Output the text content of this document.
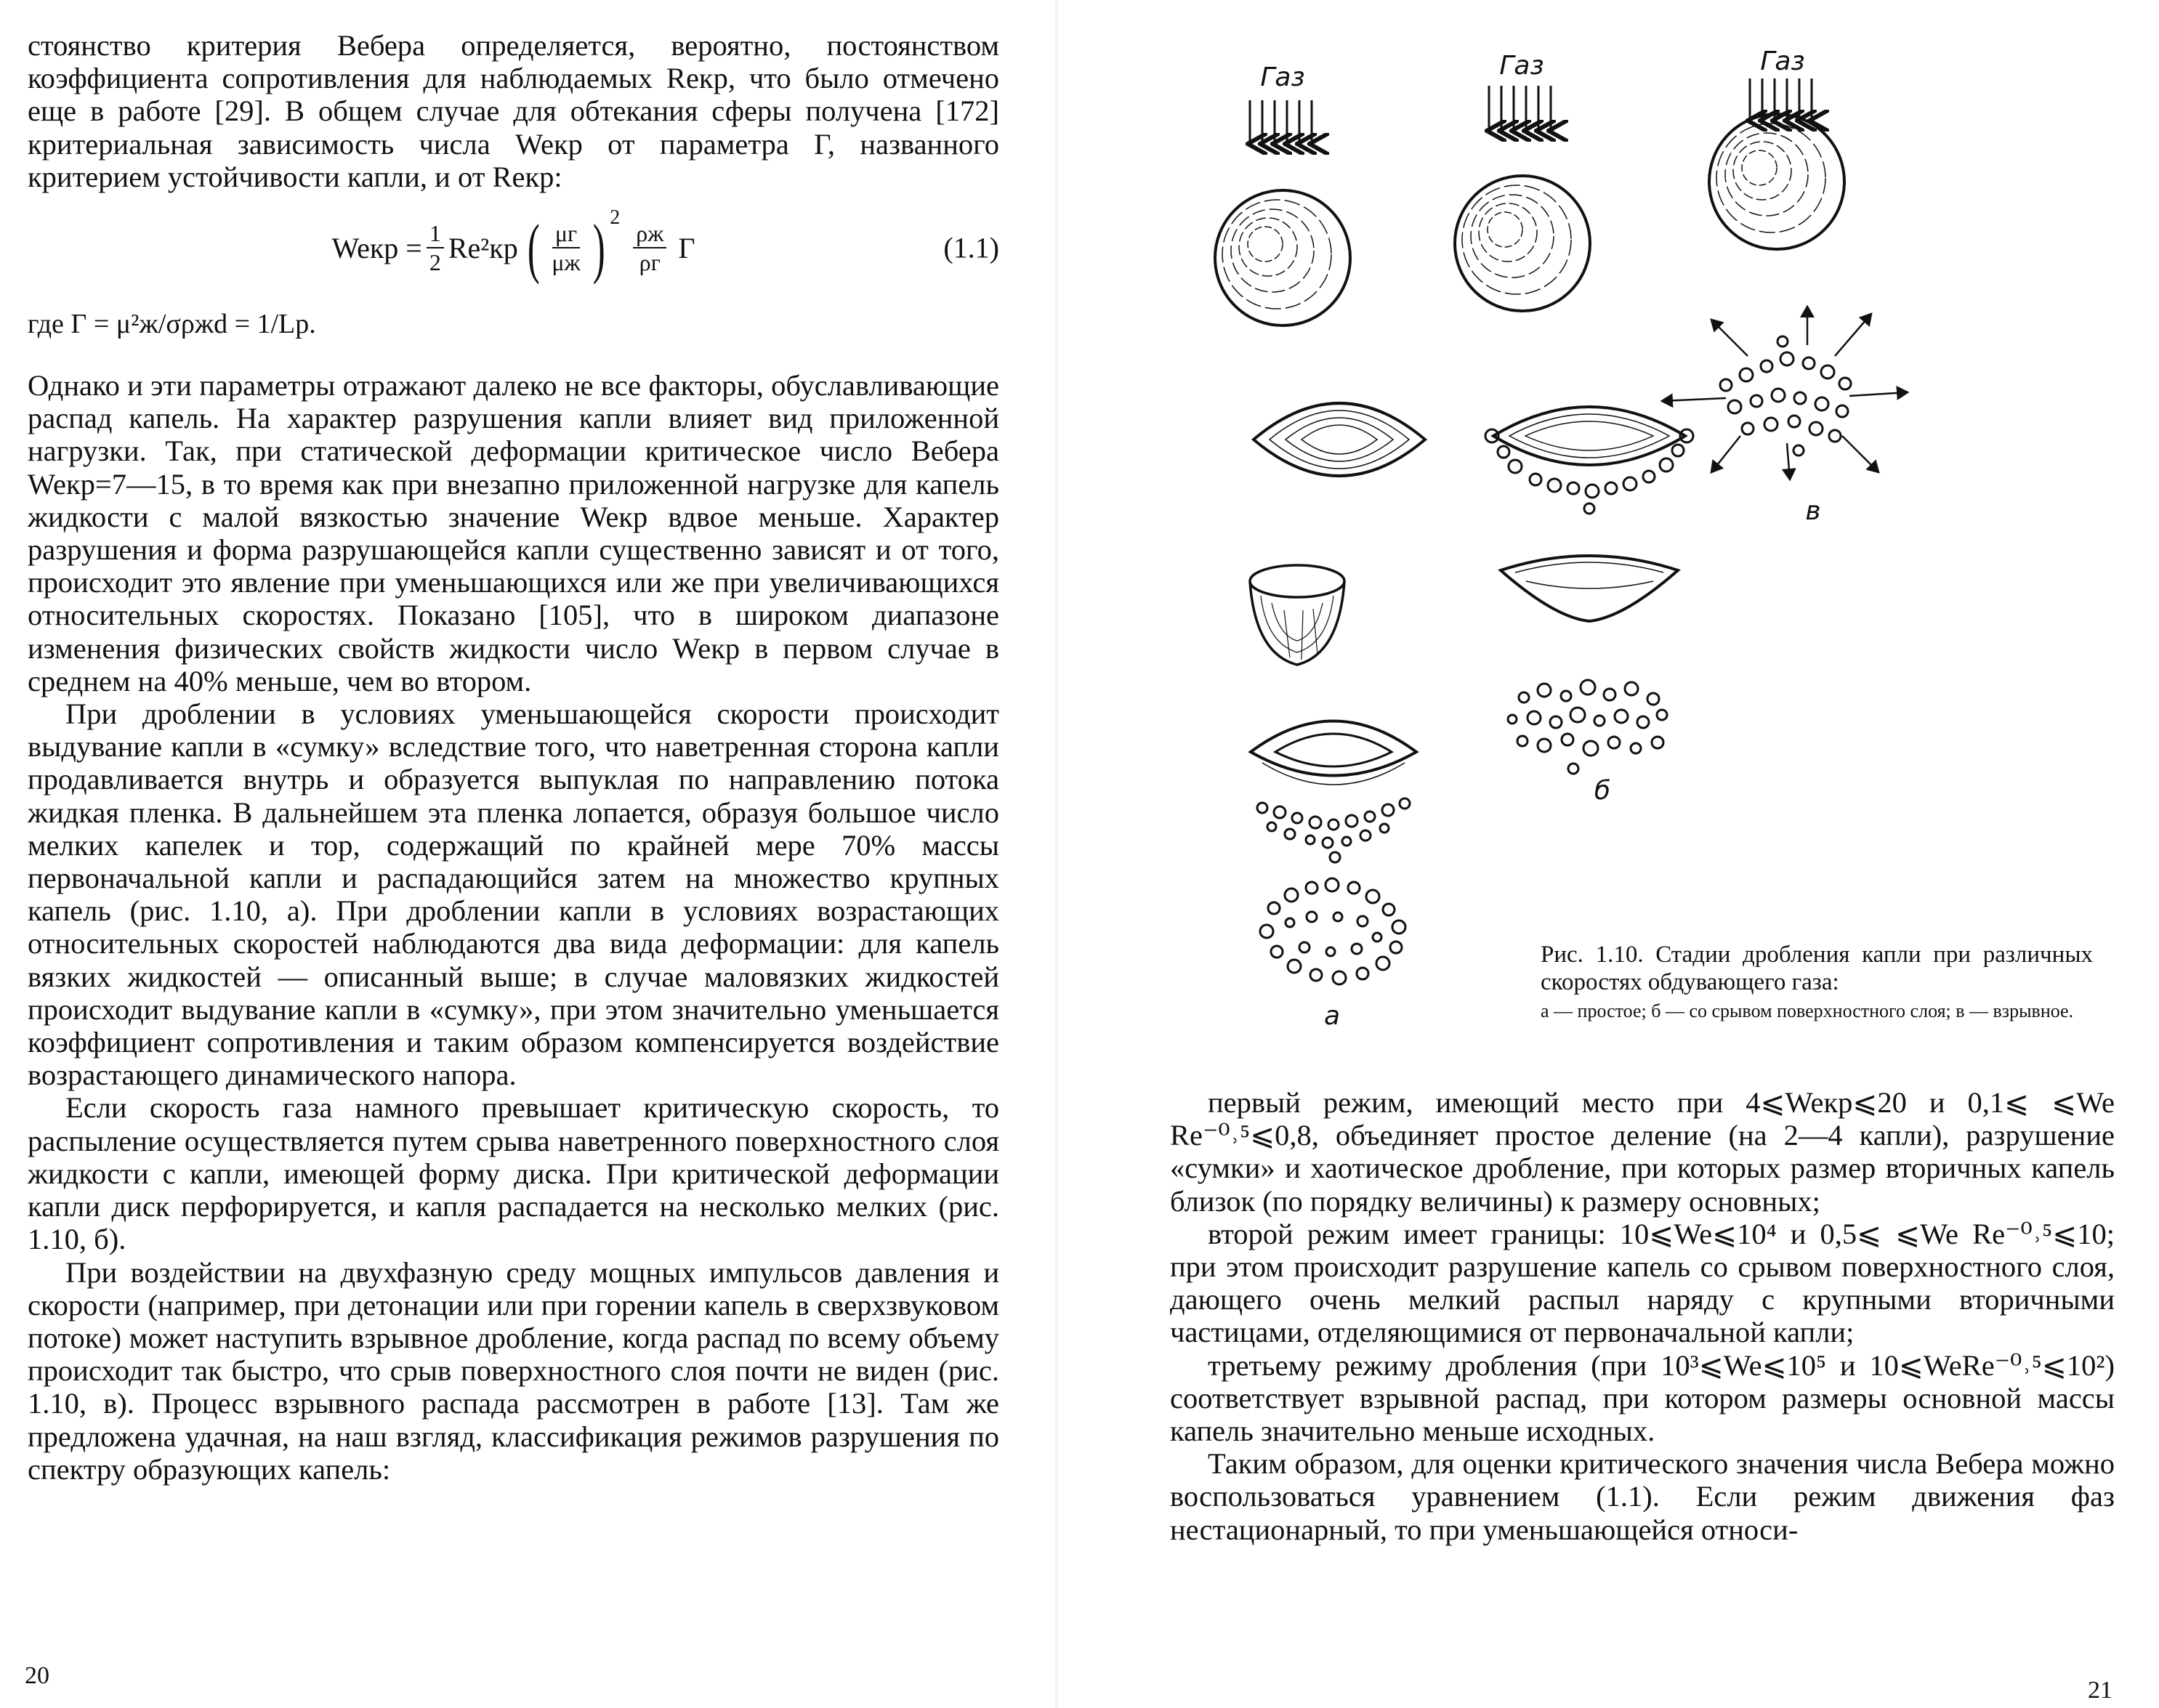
стоянство критерия Вебера определяется, вероятно, постоянством коэффициента сопротивления для наблюдаемых Reкр, что было отмечено еще в работе [29]. В общем случае для обтекания сферы получена [172] критериальная зависимость числа Weкр от параметра Г, названного критерием устойчивости капли, и от Reкр:

Weкр = $\frac{1}{2} Re^2кр$ ( $\frac{\mu г}{\mu ж} )^2$
$\frac{\rho ж}{\rho г}$ Г	(1.1)

где Г = μ²ж/σρжd = 1/Lр.

Однако и эти параметры отражают далеко не все факторы, обуславливающие распад капель. На характер разрушения капли влияет вид приложенной нагрузки. Так, при статической деформации критическое число Вебера Weкр=7—15, в то время как при внезапно приложенной нагрузке для капель жидкости с малой вязкостью значение Weкр вдвое меньше. Характер разрушения и форма разрушающейся капли существенно зависят и от того, происходит это явление при уменьшающихся или же при увеличивающихся относительных скоростях. Показано [105], что в широком диапазоне изменения физических свойств жидкости число Weкр в первом случае в среднем на 40% меньше, чем во втором.

При дроблении в условиях уменьшающейся скорости происходит выдувание капли в «сумку» вследствие того, что наветренная сторона капли продавливается внутрь и образуется выпуклая по направлению потока жидкая пленка. В дальнейшем эта пленка лопается, образуя большое число мелких капелек и тор, содержащий по крайней мере 70% массы первоначальной капли и распадающийся затем на множество крупных капель (рис. 1.10, а). При дроблении капли в условиях возрастающих относительных скоростей наблюдаются два вида деформации: для капель вязких жидкостей — описанный выше; в случае маловязких жидкостей происходит выдувание капли в «сумку», при этом значительно уменьшается коэффициент сопротивления и таким образом компенсируется воздействие возрастающего динамического напора.

Если скорость газа намного превышает критическую скорость, то распыление осуществляется путем срыва наветренного поверхностного слоя жидкости с капли, имеющей форму диска. При критической деформации капли диск перфорируется, и капля распадается на несколько мелких (рис. 1.10, б).

При воздействии на двухфазную среду мощных импульсов давления и скорости (например, при детонации или при горении капель в сверхзвуковом потоке) может наступить взрывное дробление, когда распад по всему объему происходит так быстро, что срыв поверхностного слоя почти не виден (рис. 1.10, в). Процесс взрывного распада рассмотрен в работе [13]. Там же предложена удачная, на наш взгляд, классификация режимов разрушения по спектру образующих капель:

20
Газ	Газ	Газ
а
б
в
Рис. 1.10. Стадии дробления капли при различных скоростях обдувающего газа:
а — простое; б — со срывом поверхностного слоя; в — взрывное.

первый режим, имеющий место при 4⩽Weкр⩽20 и 0,1⩽ ⩽We Re⁻⁰˒⁵⩽0,8, объединяет простое деление (на 2—4 капли), разрушение «сумки» и хаотическое дробление, при которых размер вторичных капель близок (по порядку величины) к размеру основных;

второй режим имеет границы: 10⩽We⩽10⁴ и 0,5⩽ ⩽We Re⁻⁰˒⁵⩽10; при этом происходит разрушение капель со срывом поверхностного слоя, дающего очень мелкий распыл наряду с крупными вторичными частицами, отделяющимися от первоначальной капли;

третьему режиму дробления (при 10³⩽We⩽10⁵ и 10⩽WeRe⁻⁰˒⁵⩽10²) соответствует взрывной распад, при котором размеры основной массы капель значительно меньше исходных.

Таким образом, для оценки критического значения числа Вебера можно воспользоваться уравнением (1.1). Если режим движения фаз нестационарный, то при уменьшающейся относи-

21
